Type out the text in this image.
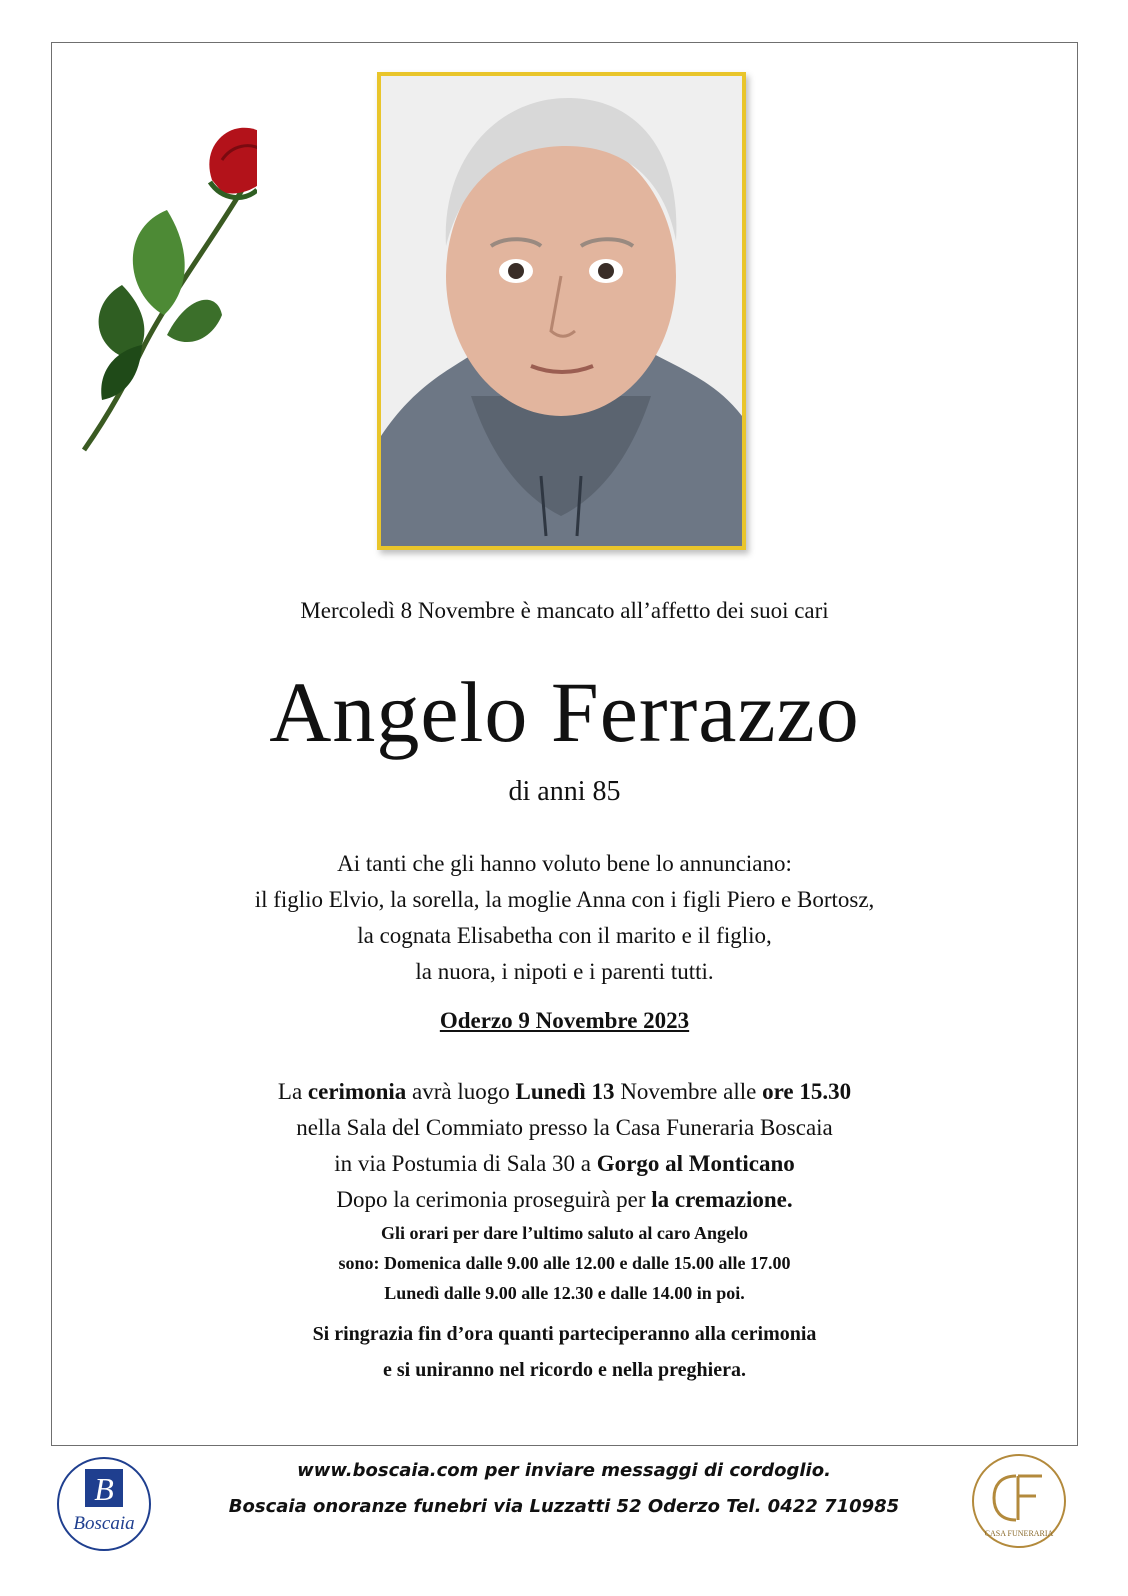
Mercoledì 8 Novembre è mancato all’affetto dei suoi cari
Angelo Ferrazzo
di anni 85
Ai tanti che gli hanno voluto bene lo annunciano:
il figlio Elvio, la sorella, la moglie Anna con i figli Piero e Bortosz,
la cognata Elisabetha con il marito e il figlio,
la nuora, i nipoti e i parenti tutti.
Oderzo 9 Novembre 2023
La cerimonia avrà luogo Lunedì 13 Novembre alle ore 15.30
nella Sala del Commiato presso la Casa Funeraria Boscaia
in via Postumia di Sala 30 a Gorgo al Monticano
Dopo la cerimonia proseguirà per la cremazione.
Gli orari per dare l’ultimo saluto al caro Angelo
sono: Domenica dalle 9.00 alle 12.00 e dalle 15.00 alle 17.00
Lunedì dalle 9.00 alle 12.30 e dalle 14.00 in poi.
Si ringrazia fin d’ora quanti parteciperanno alla cerimonia
e si uniranno nel ricordo e nella preghiera.
B
Boscaia	CASA FUNERARIA
www.boscaia.com per inviare messaggi di cordoglio.
Boscaia onoranze funebri via Luzzatti 52 Oderzo Tel. 0422 710985
